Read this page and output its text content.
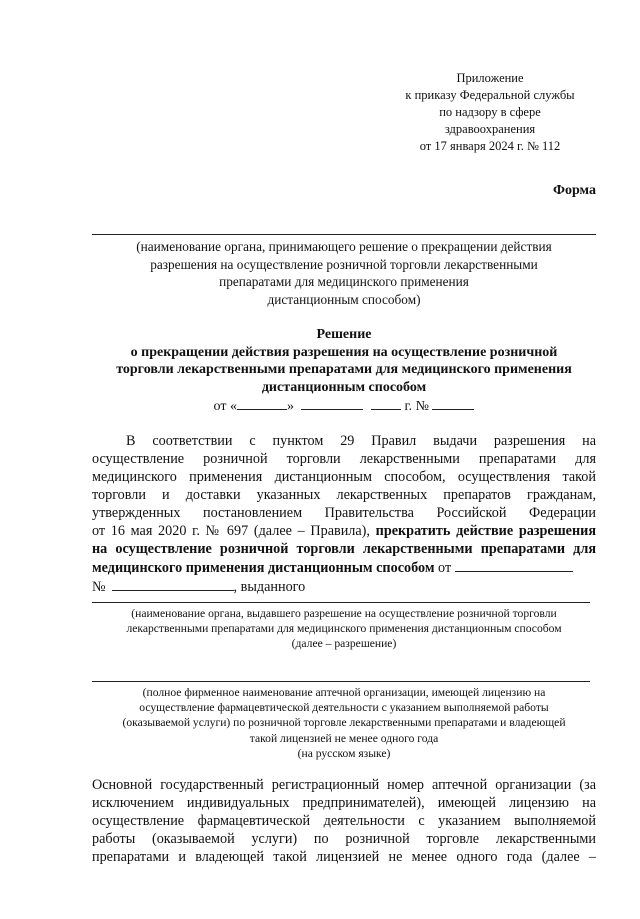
Приложение
к приказу Федеральной службы
по надзору в сфере
здравоохранения
от 17 января 2024 г. № 112
Форма
(наименование органа, принимающего решение о прекращении действия
разрешения на осуществление розничной торговли лекарственными
препаратами для медицинского применения
дистанционным способом)
Решение
о прекращении действия разрешения на осуществление розничной
торговли лекарственными препаратами для медицинского применения
дистанционным способом
от «	»	г. №
В соответствии с пунктом 29 Правил выдачи разрешения на
осуществление розничной торговли лекарственными препаратами для
медицинского применения дистанционным способом, осуществления такой
торговли и доставки указанных лекарственных препаратов гражданам,
утвержденных постановлением Правительства Российской Федерации
от 16 мая 2020 г. № 697 (далее – Правила), прекратить действие разрешения
на осуществление розничной торговли лекарственными препаратами для
медицинского применения дистанционным способом от
№	, выданного
(наименование органа, выдавшего разрешение на осуществление розничной торговли
лекарственными препаратами для медицинского применения дистанционным способом
(далее – разрешение)
(полное фирменное наименование аптечной организации, имеющей лицензию на
осуществление фармацевтической деятельности с указанием выполняемой работы
(оказываемой услуги) по розничной торговле лекарственными препаратами и владеющей
такой лицензией не менее одного года
(на русском языке)
Основной государственный регистрационный номер аптечной организации (за
исключением индивидуальных предпринимателей), имеющей лицензию на
осуществление фармацевтической деятельности с указанием выполняемой
работы (оказываемой услуги) по розничной торговле лекарственными
препаратами и владеющей такой лицензией не менее одного года (далее –
